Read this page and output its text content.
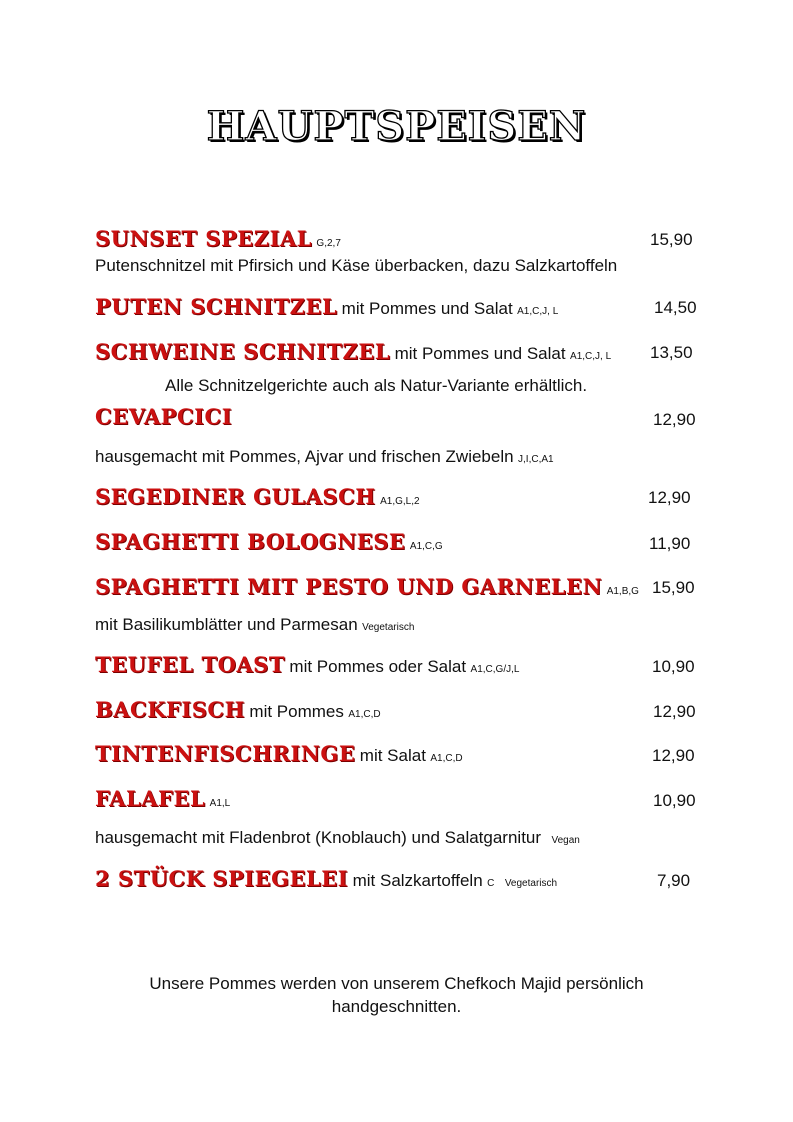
HAUPTSPEISEN
SUNSET SPEZIAL G,2,7	15,90
Putenschnitzel mit Pfirsich und Käse überbacken, dazu Salzkartoffeln
PUTEN SCHNITZEL mit Pommes und Salat A1,C,J, L	14,50
SCHWEINE SCHNITZEL mit Pommes und Salat A1,C,J, L 13,50
Alle Schnitzelgerichte auch als Natur-Variante erhältlich.
CEVAPCICI	12,90
hausgemacht mit Pommes, Ajvar und frischen Zwiebeln J,I,C,A1
SEGEDINER GULASCH A1,G,L,2	12,90
SPAGHETTI BOLOGNESE A1,C,G	11,90
SPAGHETTI MIT PESTO UND GARNELEN A1,B,G 15,90
mit Basilikumblätter und Parmesan Vegetarisch
TEUFEL TOAST mit Pommes oder Salat A1,C,G/J,L	10,90
BACKFISCH mit Pommes A1,C,D	12,90
TINTENFISCHRINGE mit Salat A1,C,D	12,90
FALAFEL A1,L	10,90
hausgemacht mit Fladenbrot (Knoblauch) und Salatgarnitur Vegan
2 STÜCK SPIEGELEI mit Salzkartoffeln C Vegetarisch	7,90
Unsere Pommes werden von unserem Chefkoch Majid persönlich
handgeschnitten.
